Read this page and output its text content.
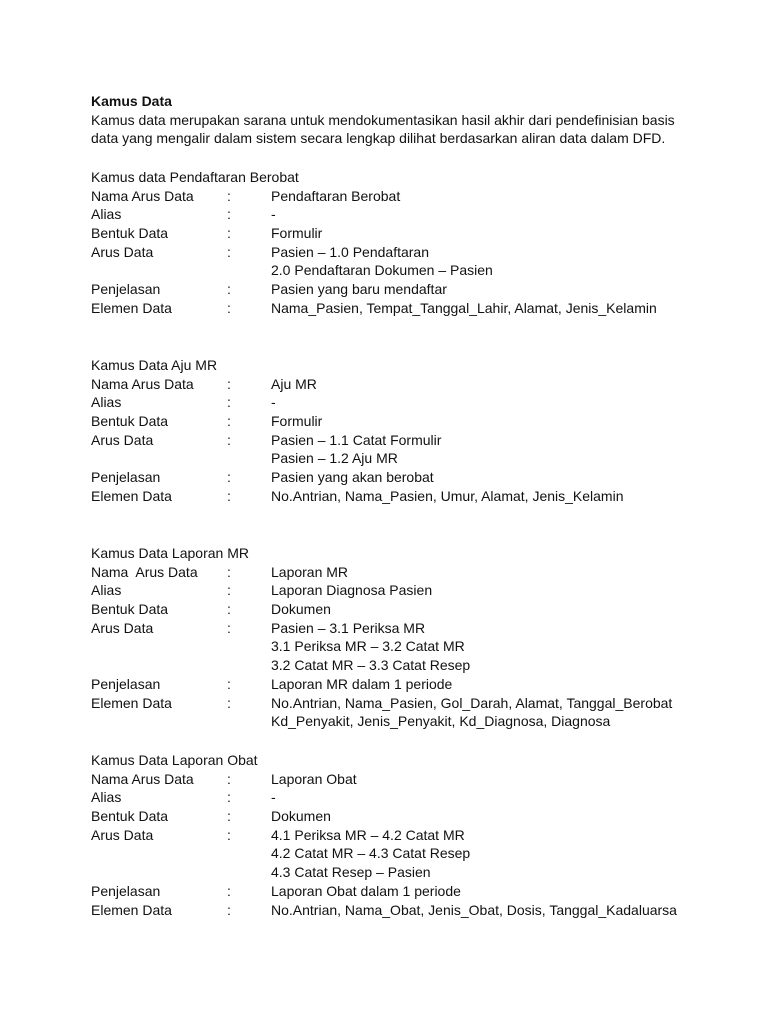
Kamus Data
Kamus data merupakan sarana untuk mendokumentasikan hasil akhir dari pendefinisian basis
data yang mengalir dalam sistem secara lengkap dilihat berdasarkan aliran data dalam DFD.
Kamus data Pendaftaran Berobat
Nama Arus Data	:	Pendaftaran Berobat
Alias	:	-
Bentuk Data	:	Formulir
Arus Data	:	Pasien – 1.0 Pendaftaran
2.0 Pendaftaran Dokumen – Pasien
Penjelasan	:	Pasien yang baru mendaftar
Elemen Data	:	Nama_Pasien, Tempat_Tanggal_Lahir, Alamat, Jenis_Kelamin
Kamus Data Aju MR
Nama Arus Data	:	Aju MR
Alias	:	-
Bentuk Data	:	Formulir
Arus Data	:	Pasien – 1.1 Catat Formulir
Pasien – 1.2 Aju MR
Penjelasan	:	Pasien yang akan berobat
Elemen Data	:	No.Antrian, Nama_Pasien, Umur, Alamat, Jenis_Kelamin
Kamus Data Laporan MR
Nama  Arus Data	:	Laporan MR
Alias	:	Laporan Diagnosa Pasien
Bentuk Data	:	Dokumen
Arus Data	:	Pasien – 3.1 Periksa MR
3.1 Periksa MR – 3.2 Catat MR
3.2 Catat MR – 3.3 Catat Resep
Penjelasan	:	Laporan MR dalam 1 periode
Elemen Data	:	No.Antrian, Nama_Pasien, Gol_Darah, Alamat, Tanggal_Berobat
Kd_Penyakit, Jenis_Penyakit, Kd_Diagnosa, Diagnosa
Kamus Data Laporan Obat
Nama Arus Data	:	Laporan Obat
Alias	:	-
Bentuk Data	:	Dokumen
Arus Data	:	4.1 Periksa MR – 4.2 Catat MR
4.2 Catat MR – 4.3 Catat Resep
4.3 Catat Resep – Pasien
Penjelasan	:	Laporan Obat dalam 1 periode
Elemen Data	:	No.Antrian, Nama_Obat, Jenis_Obat, Dosis, Tanggal_Kadaluarsa
